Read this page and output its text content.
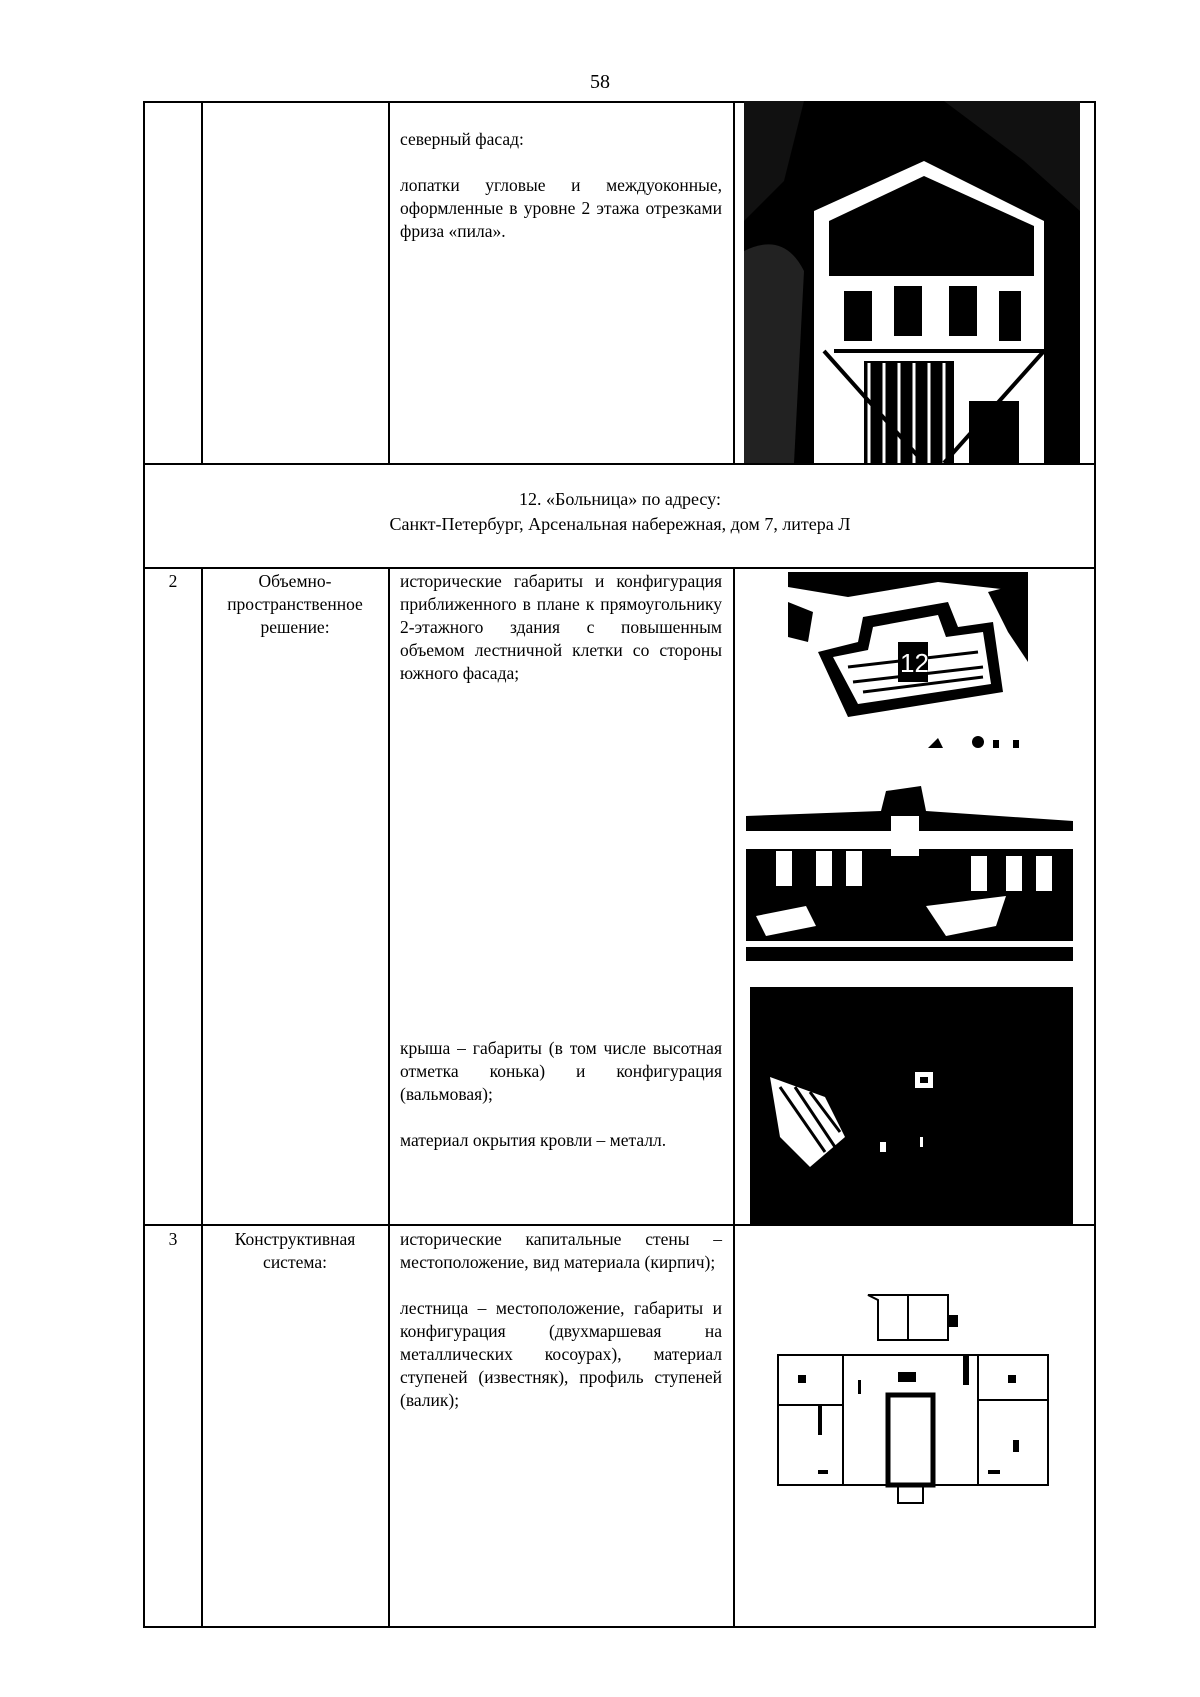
58

северный фасад:

лопатки угловые и междуоконные, оформленные в уровне 2 этажа отрезками фриза «пила».

12. «Больница» по адресу:
Санкт-Петербург, Арсенальная набережная, дом 7, литера Л
2	Объемно-пространственное решение:

исторические габариты и конфигурация приближенного в плане к прямоугольнику 2-этажного здания с повышенным объемом лестничной клетки со стороны южного фасада;

крыша – габариты (в том числе высотная отметка конька) и конфигурация (вальмовая);

материал окрытия кровли – металл.

12
3	Конструктивная система:

исторические капитальные стены – местоположение, вид материала (кирпич);

лестница – местоположение, габариты и конфигурация (двухмаршевая на металлических косоурах), материал ступеней (известняк), профиль ступеней (валик);
